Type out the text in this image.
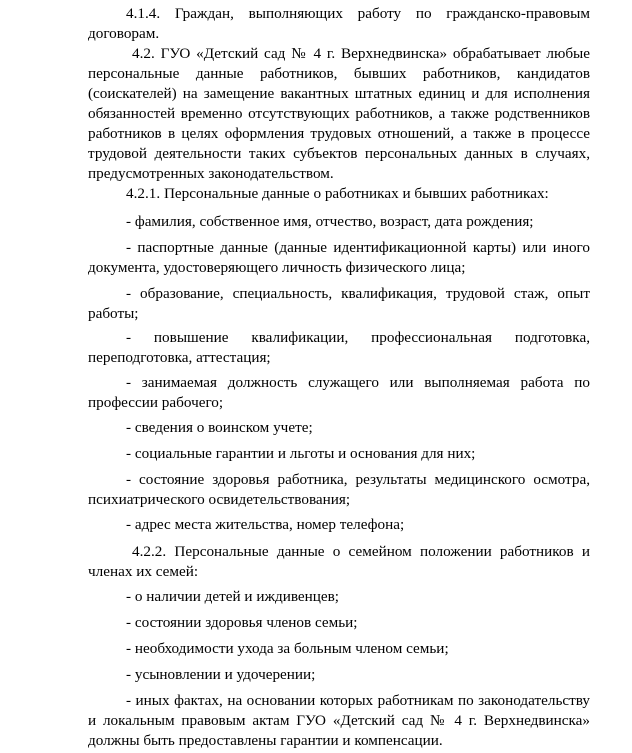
4.1.4. Граждан, выполняющих работу по гражданско-правовым договорам.

4.2. ГУО «Детский сад № 4 г. Верхнедвинска» обрабатывает любые персональные данные работников, бывших работников, кандидатов (соискателей) на замещение вакантных штатных единиц и для исполнения обязанностей временно отсутствующих работников, а также родственников работников в целях оформления трудовых отношений, а также в процессе трудовой деятельности таких субъектов персональных данных в случаях, предусмотренных законодательством.

4.2.1. Персональные данные о работниках и бывших работниках:

- фамилия, собственное имя, отчество, возраст, дата рождения;

- паспортные данные (данные идентификационной карты) или иного документа, удостоверяющего личность физического лица;

- образование, специальность, квалификация, трудовой стаж, опыт работы;

- повышение квалификации, профессиональная подготовка, переподготовка, аттестация;

- занимаемая должность служащего или выполняемая работа по профессии рабочего;

- сведения о воинском учете;

- социальные гарантии и льготы и основания для них;

- состояние здоровья работника, результаты медицинского осмотра, психиатрического освидетельствования;

- адрес места жительства, номер телефона;

4.2.2. Персональные данные о семейном положении работников и членах их семей:

- о наличии детей и иждивенцев;

- состоянии здоровья членов семьи;

- необходимости ухода за больным членом семьи;

- усыновлении и удочерении;

- иных фактах, на основании которых работникам по законодательству и локальным правовым актам ГУО «Детский сад № 4 г. Верхнедвинска» должны быть предоставлены гарантии и компенсации.
